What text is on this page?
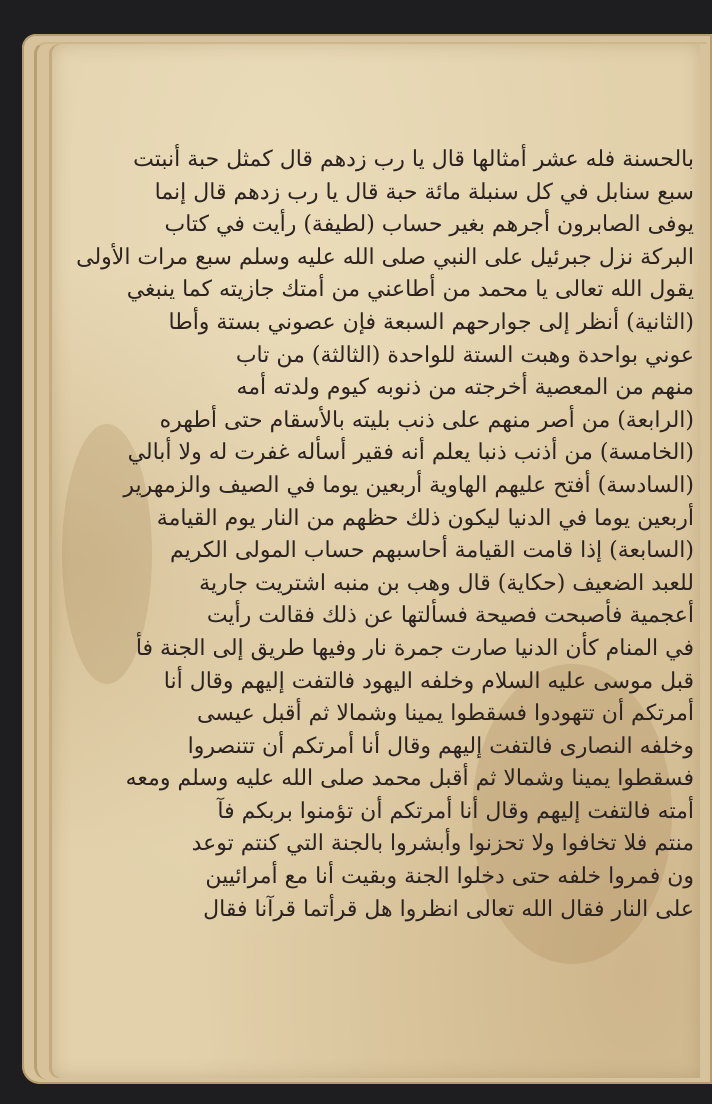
بالحسنة فله عشر أمثالها قال يا رب زدهم قال كمثل حبة أنبتت
سبع سنابل في كل سنبلة مائة حبة قال يا رب زدهم قال إنما
يوفى الصابرون أجرهم بغير حساب (لطيفة) رأيت في كتاب
البركة نزل جبرئيل على النبي صلى الله عليه وسلم سبع مرات الأولى
يقول الله تعالى يا محمد من أطاعني من أمتك جازيته كما ينبغي
(الثانية) أنظر إلى جوارحهم السبعة فإن عصوني بستة وأطا
عوني بواحدة وهبت الستة للواحدة (الثالثة) من تاب
منهم من المعصية أخرجته من ذنوبه كيوم ولدته أمه
(الرابعة) من أصر منهم على ذنب بليته بالأسقام حتى أطهره
(الخامسة) من أذنب ذنبا يعلم أنه فقير أسأله غفرت له ولا أبالي
(السادسة) أفتح عليهم الهاوية أربعين يوما في الصيف والزمهرير
أربعين يوما في الدنيا ليكون ذلك حظهم من النار يوم القيامة
(السابعة) إذا قامت القيامة أحاسبهم حساب المولى الكريم
للعبد الضعيف (حكاية) قال وهب بن منبه اشتريت جارية
أعجمية فأصبحت فصيحة فسألتها عن ذلك فقالت رأيت
في المنام كأن الدنيا صارت جمرة نار وفيها طريق إلى الجنة فأ
قبل موسى عليه السلام وخلفه اليهود فالتفت إليهم وقال أنا
أمرتكم أن تتهودوا فسقطوا يمينا وشمالا ثم أقبل عيسى
وخلفه النصارى فالتفت إليهم وقال أنا أمرتكم أن تتنصروا
فسقطوا يمينا وشمالا ثم أقبل محمد صلى الله عليه وسلم ومعه
أمته فالتفت إليهم وقال أنا أمرتكم أن تؤمنوا بربكم فآ
منتم فلا تخافوا ولا تحزنوا وأبشروا بالجنة التي كنتم توعد
ون فمروا خلفه حتى دخلوا الجنة وبقيت أنا مع أمرائيين
على النار فقال الله تعالى انظروا هل قرأتما قرآنا فقال
